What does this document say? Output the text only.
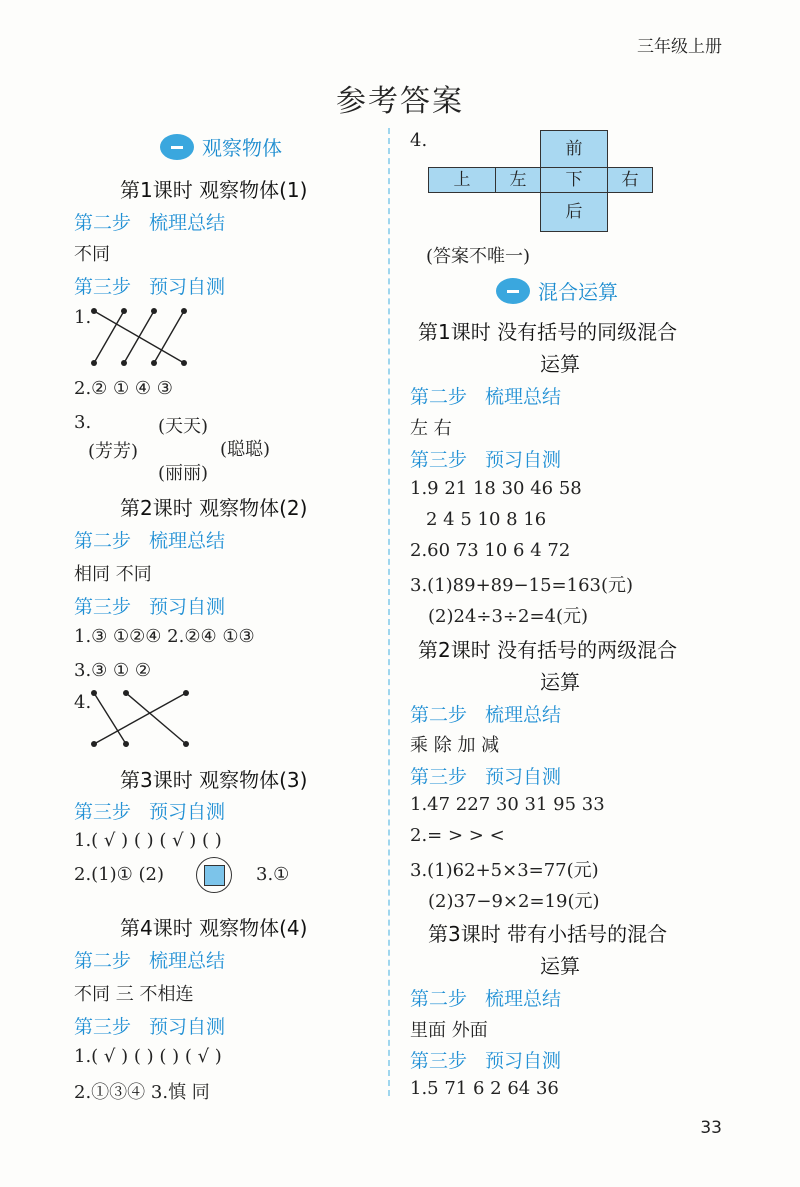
三年级上册
参考答案
观察物体
第1课时 观察物体(1)
第二步 梳理总结
不同
第三步 预习自测
1.
2.② ① ④ ③
3.	(天天)
(芳芳)	(聪聪)
(丽丽)
第2课时 观察物体(2)
第二步 梳理总结
相同 不同
第三步 预习自测
1.③ ①②④ 2.②④ ①③
3.③ ① ②
4.
第3课时 观察物体(3)
第三步 预习自测
1.( √ ) ( ) ( √ ) ( )
2.(1)① (2)	3.①
第4课时 观察物体(4)
第二步 梳理总结
不同 三 不相连
第三步 预习自测
1.( √ ) ( ) ( ) ( √ )
2.①③④ 3.慎 同
4.	前
上	左	下	右
后
(答案不唯一)
混合运算
第1课时 没有括号的同级混合
运算
第二步 梳理总结
左 右
第三步 预习自测
1.9 21 18 30 46 58
2 4 5 10 8 16
2.60 73 10 6 4 72
3.(1)89+89−15=163(元)
(2)24÷3÷2=4(元)
第2课时 没有括号的两级混合
运算
第二步 梳理总结
乘 除 加 减
第三步 预习自测
1.47 227 30 31 95 33
2.= > > <
3.(1)62+5×3=77(元)
(2)37−9×2=19(元)
第3课时 带有小括号的混合
运算
第二步 梳理总结
里面 外面
第三步 预习自测
1.5 71 6 2 64 36
33
